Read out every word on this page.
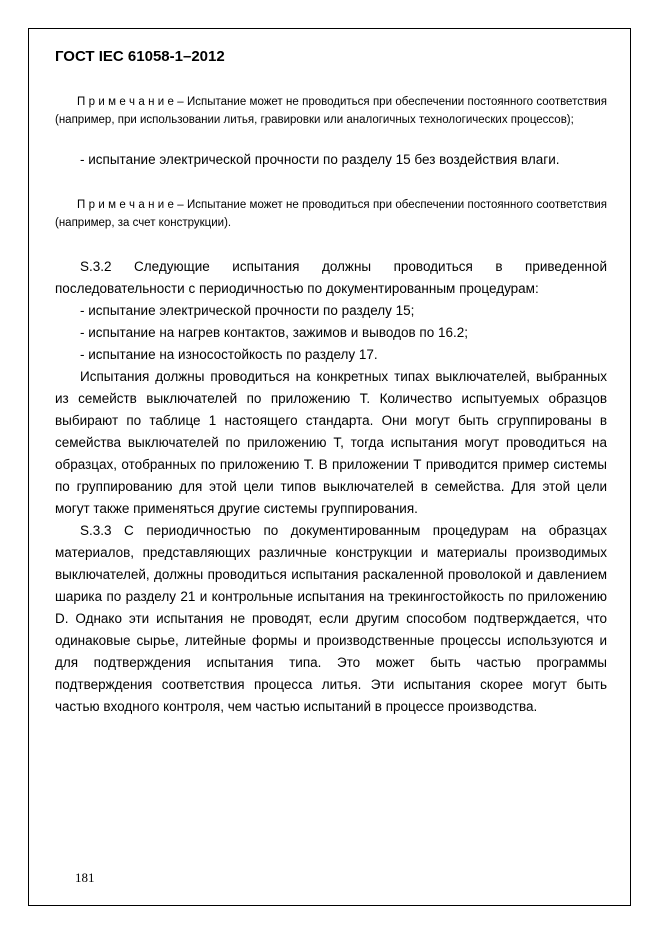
ГОСТ IEC 61058-1–2012

П р и м е ч а н и е – Испытание может не проводиться при обеспечении постоянного соответствия (например, при использовании литья, гравировки или аналогичных технологических процессов);

- испытание электрической прочности по разделу 15 без воздействия влаги.

П р и м е ч а н и е – Испытание может не проводиться при обеспечении постоянного соответствия (например, за счет конструкции).

S.3.2 Следующие испытания должны проводиться в приведенной последовательности с периодичностью по документированным процедурам:

- испытание электрической прочности по разделу 15;

- испытание на нагрев контактов, зажимов и выводов по 16.2;

- испытание на износостойкость по разделу 17.

Испытания должны проводиться на конкретных типах выключателей, выбранных из семейств выключателей по приложению Т. Количество испытуемых образцов выбирают по таблице 1 настоящего стандарта. Они могут быть сгруппированы в семейства выключателей по приложению Т, тогда испытания могут проводиться на образцах, отобранных по приложению Т. В приложении Т приводится пример системы по группированию для этой цели типов выключателей в семейства. Для этой цели могут также применяться другие системы группирования.

S.3.3 С периодичностью по документированным процедурам на образцах материалов, представляющих различные конструкции и материалы производимых выключателей, должны проводиться испытания раскаленной проволокой и давлением шарика по разделу 21 и контрольные испытания на трекингостойкость по приложению D. Однако эти испытания не проводят, если другим способом подтверждается, что одинаковые сырье, литейные формы и производственные процессы используются и для подтверждения испытания типа. Это может быть частью программы подтверждения соответствия процесса литья. Эти испытания скорее могут быть частью входного контроля, чем частью испытаний в процессе производства.

181
